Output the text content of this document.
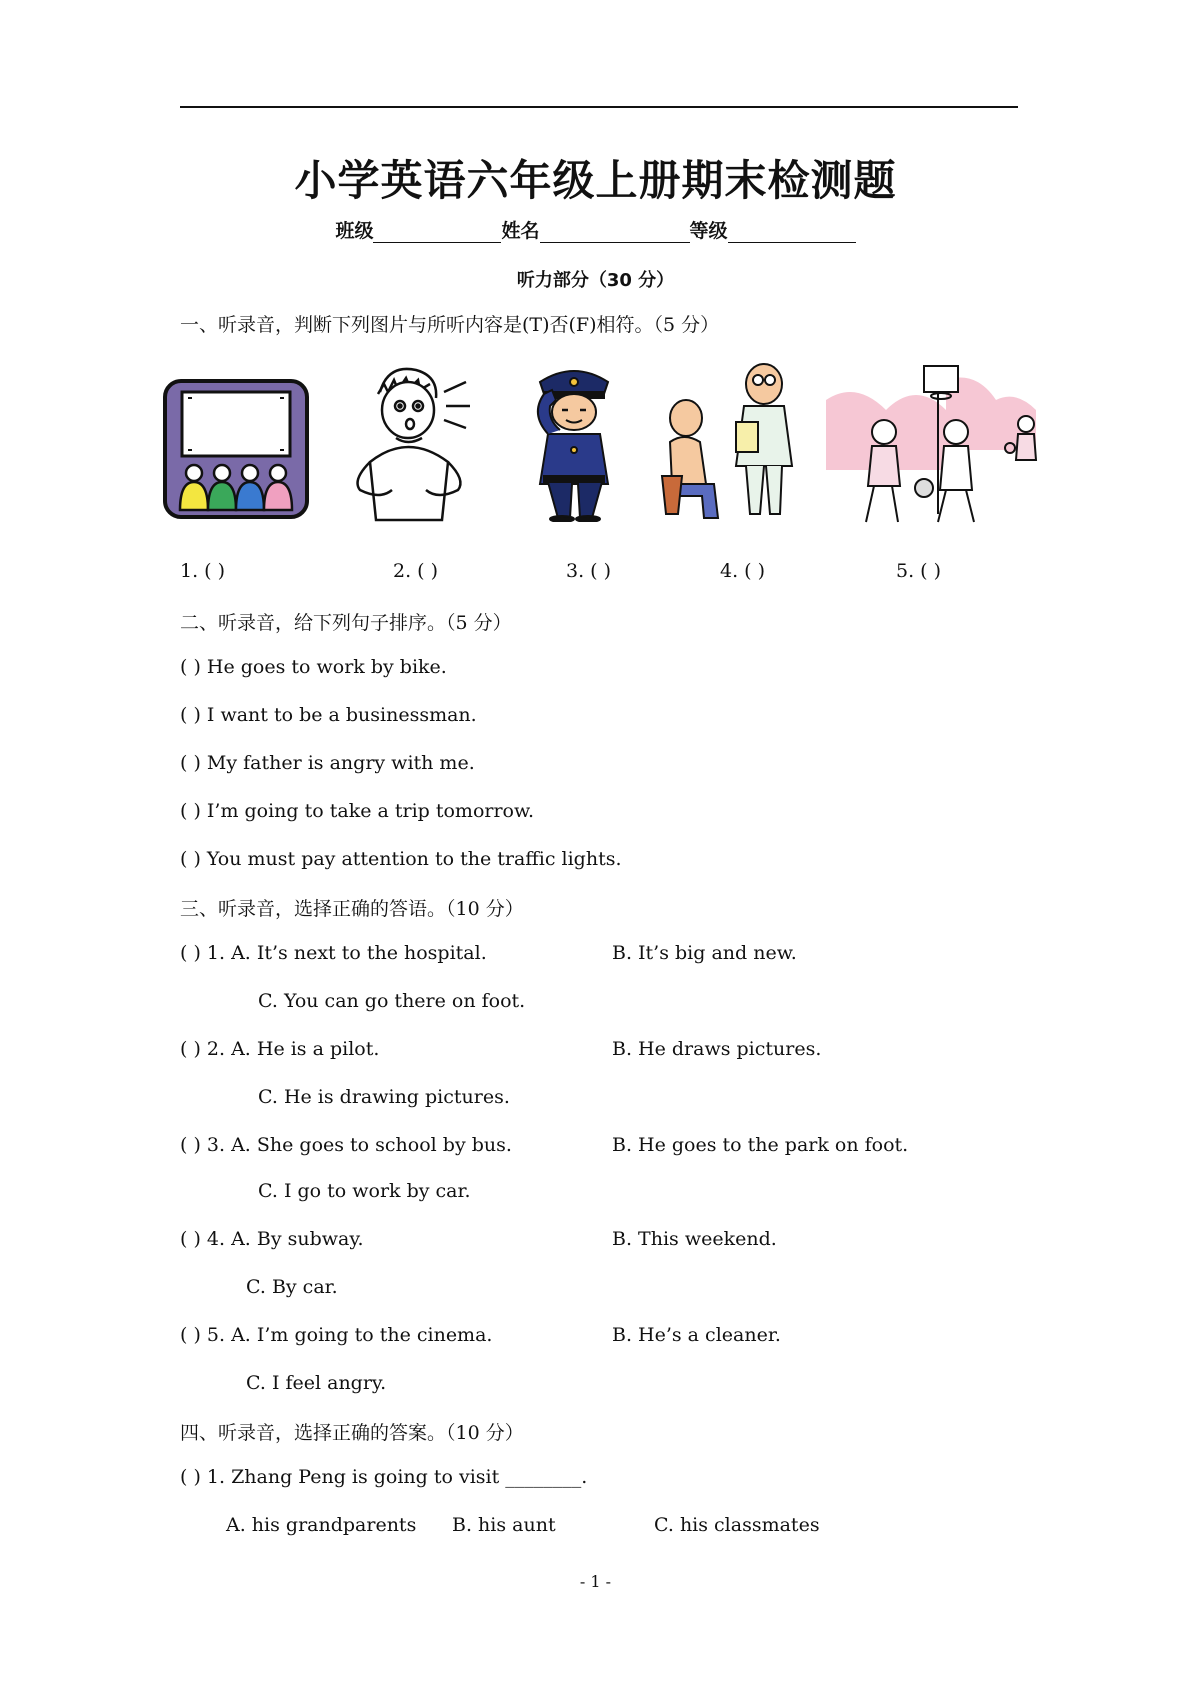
小学英语六年级上册期末检测题
班级	姓名	等级
听力部分（30 分）
一、听录音，判断下列图片与所听内容是(T)否(F)相符。（5 分）
1. ( )	2. ( )	3. ( )	4. ( )	5. ( )
二、听录音，给下列句子排序。（5 分）
( ) He goes to work by bike.
( ) I want to be a businessman.
( ) My father is angry with me.
( ) I’m going to take a trip tomorrow.
( ) You must pay attention to the traffic lights.
三、听录音，选择正确的答语。（10 分）
( ) 1. A. It’s next to the hospital.	B. It’s big and new.
C. You can go there on foot.
( ) 2. A. He is a pilot.	B. He draws pictures.
C. He is drawing pictures.
( ) 3. A. She goes to school by bus.	B. He goes to the park on foot.
C. I go to work by car.
( ) 4. A. By subway.	B. This weekend.
C. By car.
( ) 5. A. I’m going to the cinema.	B. He’s a cleaner.
C. I feel angry.
四、听录音，选择正确的答案。（10 分）
( ) 1. Zhang Peng is going to visit ________.
A. his grandparents B. his aunt	C. his classmates
- 1 -
